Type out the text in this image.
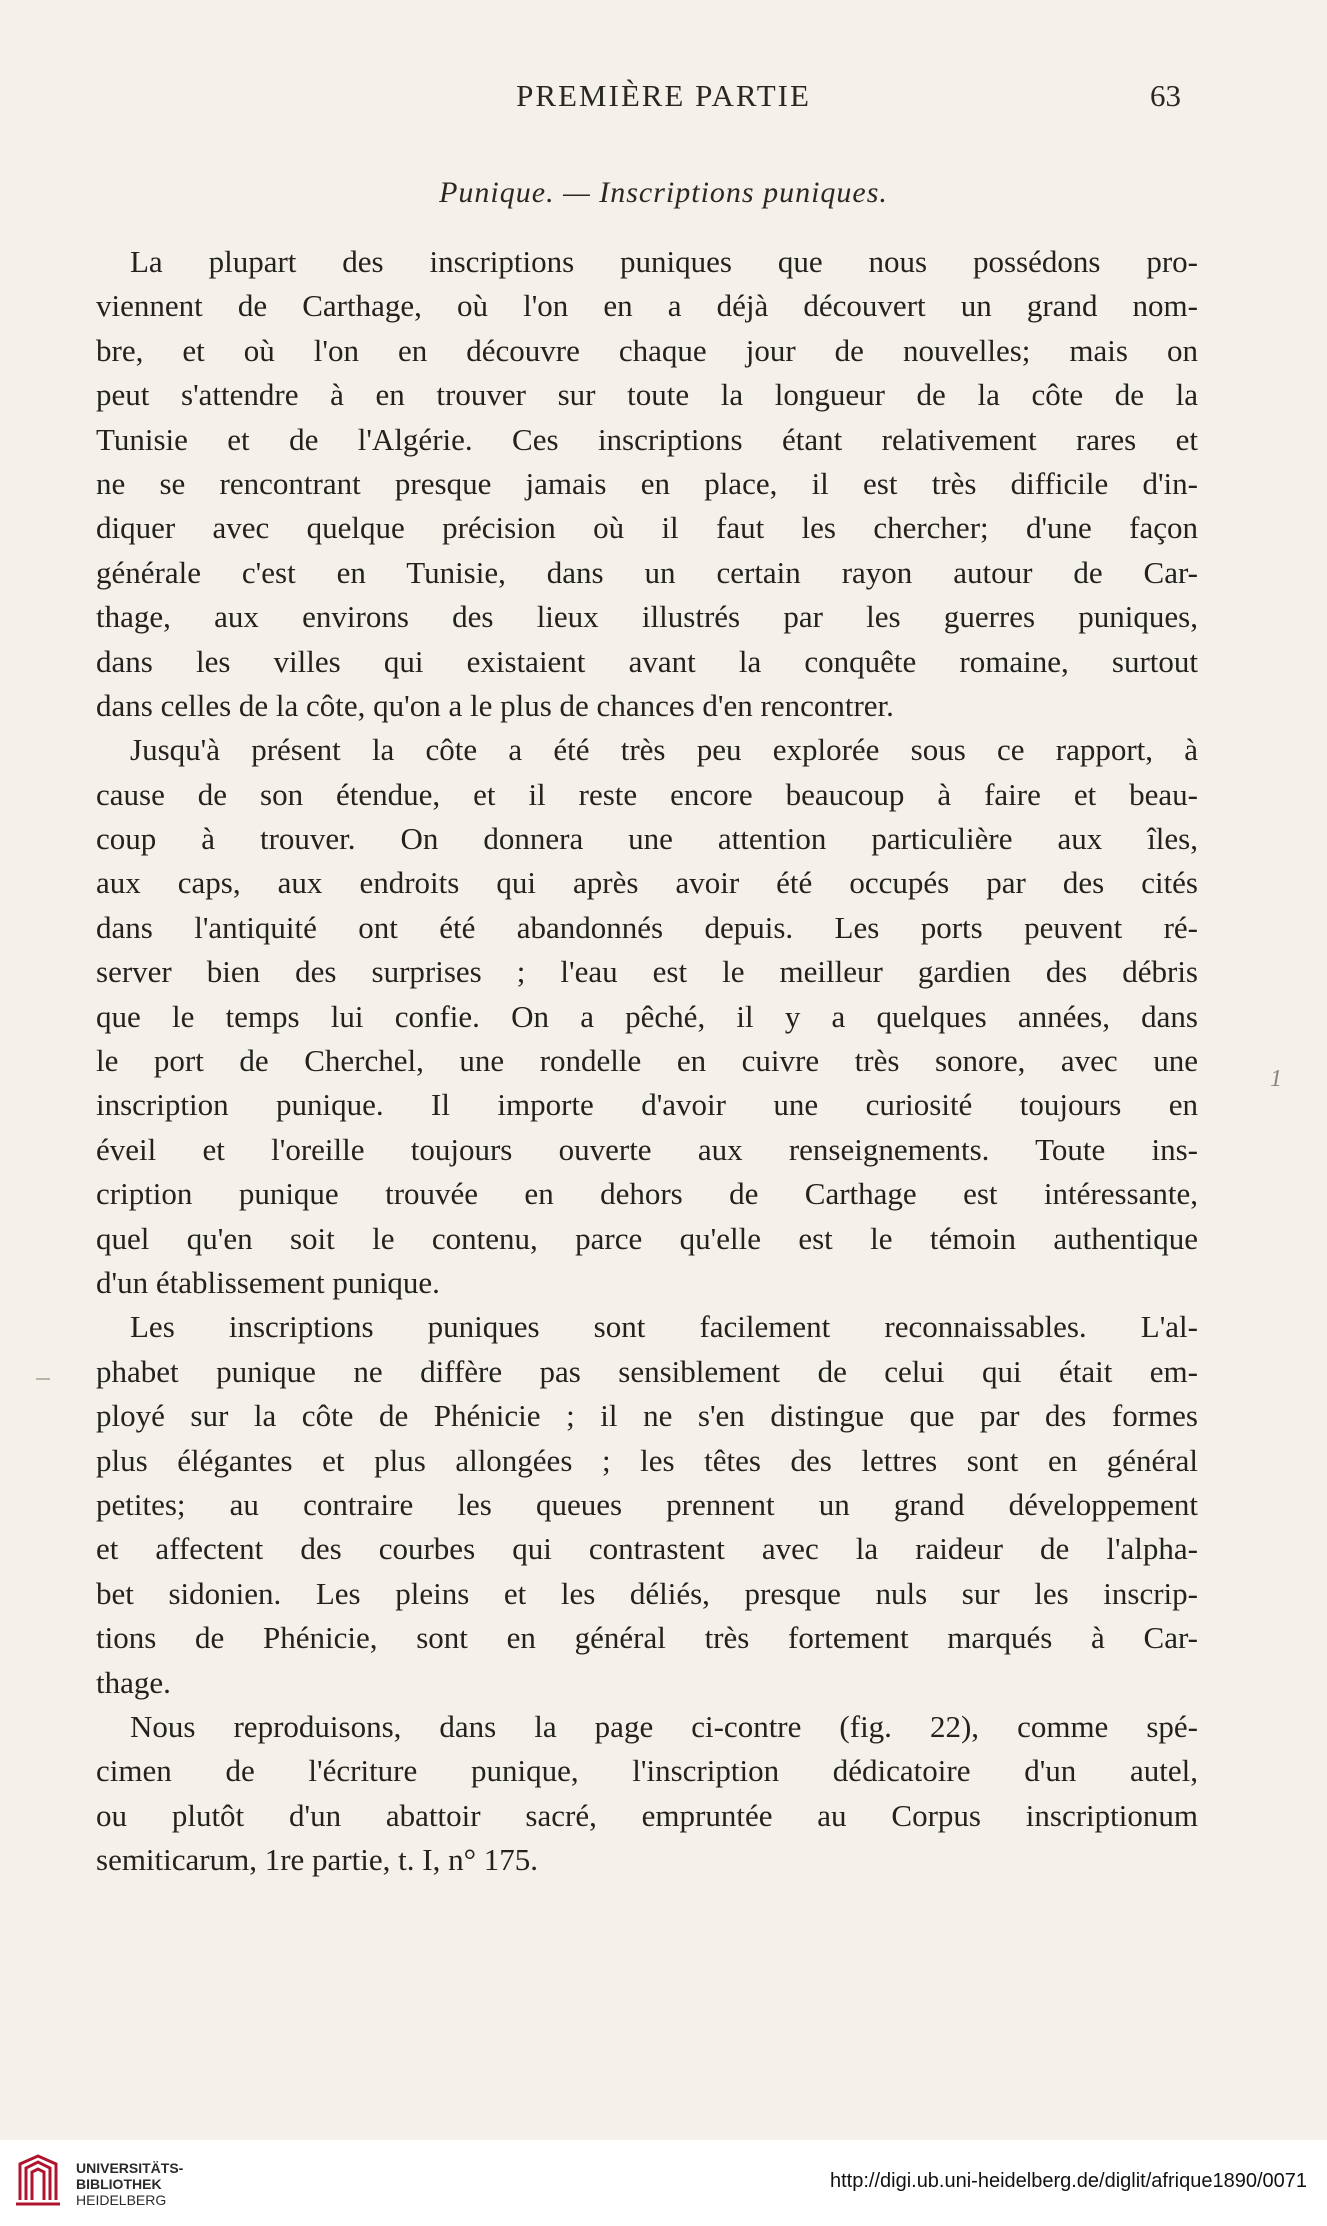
PREMIÈRE PARTIE	63
Punique. — Inscriptions puniques.
La plupart des inscriptions puniques que nous possédons pro-
viennent de Carthage, où l'on en a déjà découvert un grand nom-
bre, et où l'on en découvre chaque jour de nouvelles; mais on
peut s'attendre à en trouver sur toute la longueur de la côte de la
Tunisie et de l'Algérie. Ces inscriptions étant relativement rares et
ne se rencontrant presque jamais en place, il est très difficile d'in-
diquer avec quelque précision où il faut les chercher; d'une façon
générale c'est en Tunisie, dans un certain rayon autour de Car-
thage, aux environs des lieux illustrés par les guerres puniques,
dans les villes qui existaient avant la conquête romaine, surtout
dans celles de la côte, qu'on a le plus de chances d'en rencontrer.
Jusqu'à présent la côte a été très peu explorée sous ce rapport, à
cause de son étendue, et il reste encore beaucoup à faire et beau-
coup à trouver. On donnera une attention particulière aux îles,
aux caps, aux endroits qui après avoir été occupés par des cités
dans l'antiquité ont été abandonnés depuis. Les ports peuvent ré-
server bien des surprises ; l'eau est le meilleur gardien des débris
que le temps lui confie. On a pêché, il y a quelques années, dans
le port de Cherchel, une rondelle en cuivre très sonore, avec une
inscription punique. Il importe d'avoir une curiosité toujours en
éveil et l'oreille toujours ouverte aux renseignements. Toute ins-
cription punique trouvée en dehors de Carthage est intéressante,
quel qu'en soit le contenu, parce qu'elle est le témoin authentique
d'un établissement punique.
Les inscriptions puniques sont facilement reconnaissables. L'al-
phabet punique ne diffère pas sensiblement de celui qui était em-
ployé sur la côte de Phénicie ; il ne s'en distingue que par des formes
plus élégantes et plus allongées ; les têtes des lettres sont en général
petites; au contraire les queues prennent un grand développement
et affectent des courbes qui contrastent avec la raideur de l'alpha-
bet sidonien. Les pleins et les déliés, presque nuls sur les inscrip-
tions de Phénicie, sont en général très fortement marqués à Car-
thage.
Nous reproduisons, dans la page ci-contre (fig. 22), comme spé-
cimen de l'écriture punique, l'inscription dédicatoire d'un autel,
ou plutôt d'un abattoir sacré, empruntée au Corpus inscriptionum
semiticarum, 1re partie, t. I, n° 175.
1
UNIVERSITÄTS-
BIBLIOTHEK
HEIDELBERG
http://digi.ub.uni-heidelberg.de/diglit/afrique1890/0071
